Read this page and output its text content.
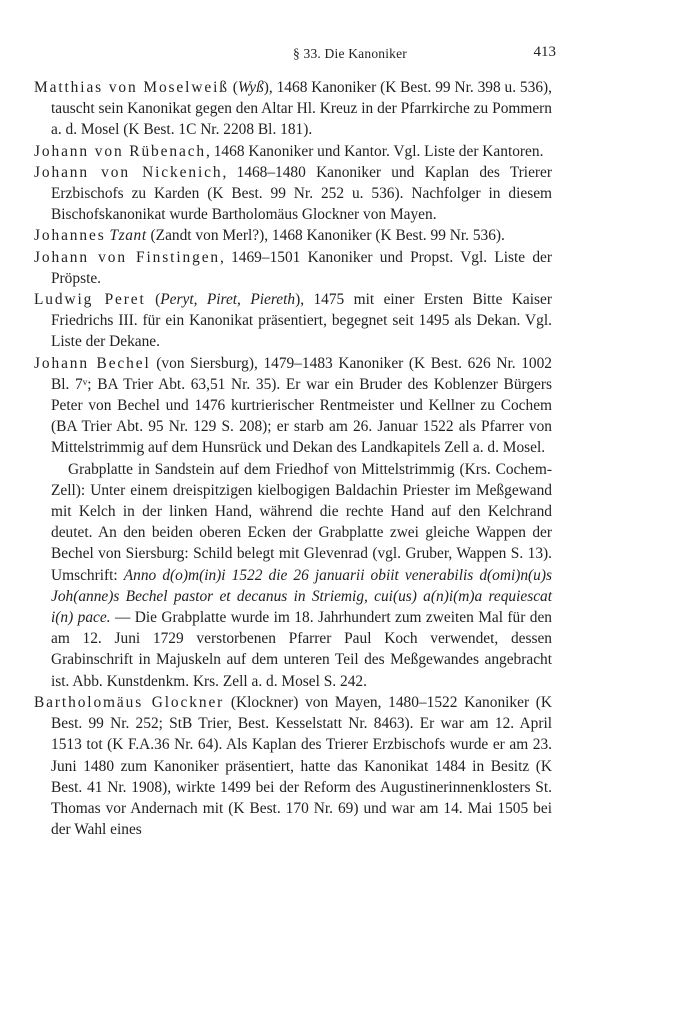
§ 33. Die Kanoniker	413

Matthias von Moselweiß (Wyß), 1468 Kanoniker (K Best. 99 Nr. 398 u. 536), tauscht sein Kanonikat gegen den Altar Hl. Kreuz in der Pfarrkirche zu Pommern a. d. Mosel (K Best. 1C Nr. 2208 Bl. 181).

Johann von Rübenach, 1468 Kanoniker und Kantor. Vgl. Liste der Kantoren.

Johann von Nickenich, 1468–1480 Kanoniker und Kaplan des Trierer Erzbischofs zu Karden (K Best. 99 Nr. 252 u. 536). Nachfolger in diesem Bischofskanonikat wurde Bartholomäus Glockner von Mayen.

Johannes Tzant (Zandt von Merl?), 1468 Kanoniker (K Best. 99 Nr. 536).

Johann von Finstingen, 1469–1501 Kanoniker und Propst. Vgl. Liste der Pröpste.

Ludwig Peret (Peryt, Piret, Piereth), 1475 mit einer Ersten Bitte Kaiser Friedrichs III. für ein Kanonikat präsentiert, begegnet seit 1495 als Dekan. Vgl. Liste der Dekane.

Johann Bechel (von Siersburg), 1479–1483 Kanoniker (K Best. 626 Nr. 1002 Bl. 7ᵛ; BA Trier Abt. 63,51 Nr. 35). Er war ein Bruder des Koblenzer Bürgers Peter von Bechel und 1476 kurtrierischer Rentmeister und Kellner zu Cochem (BA Trier Abt. 95 Nr. 129 S. 208); er starb am 26. Januar 1522 als Pfarrer von Mittelstrimmig auf dem Hunsrück und Dekan des Landkapitels Zell a. d. Mosel.

Grabplatte in Sandstein auf dem Friedhof von Mittelstrimmig (Krs. Cochem-Zell): Unter einem dreispitzigen kielbogigen Baldachin Priester im Meßgewand mit Kelch in der linken Hand, während die rechte Hand auf den Kelchrand deutet. An den beiden oberen Ecken der Grabplatte zwei gleiche Wappen der Bechel von Siersburg: Schild belegt mit Glevenrad (vgl. Gruber, Wappen S. 13). Umschrift: Anno d(o)m(in)i 1522 die 26 januarii obiit venerabilis d(omi)n(u)s Joh(anne)s Bechel pastor et decanus in Striemig, cui(us) a(n)i(m)a requiescat i(n) pace. — Die Grabplatte wurde im 18. Jahrhundert zum zweiten Mal für den am 12. Juni 1729 verstorbenen Pfarrer Paul Koch verwendet, dessen Grabinschrift in Majuskeln auf dem unteren Teil des Meßgewandes angebracht ist. Abb. Kunstdenkm. Krs. Zell a. d. Mosel S. 242.

Bartholomäus Glockner (Klockner) von Mayen, 1480–1522 Kanoniker (K Best. 99 Nr. 252; StB Trier, Best. Kesselstatt Nr. 8463). Er war am 12. April 1513 tot (K F.A.36 Nr. 64). Als Kaplan des Trierer Erzbischofs wurde er am 23. Juni 1480 zum Kanoniker präsentiert, hatte das Kanonikat 1484 in Besitz (K Best. 41 Nr. 1908), wirkte 1499 bei der Reform des Augustinerinnenklosters St. Thomas vor Andernach mit (K Best. 170 Nr. 69) und war am 14. Mai 1505 bei der Wahl eines
